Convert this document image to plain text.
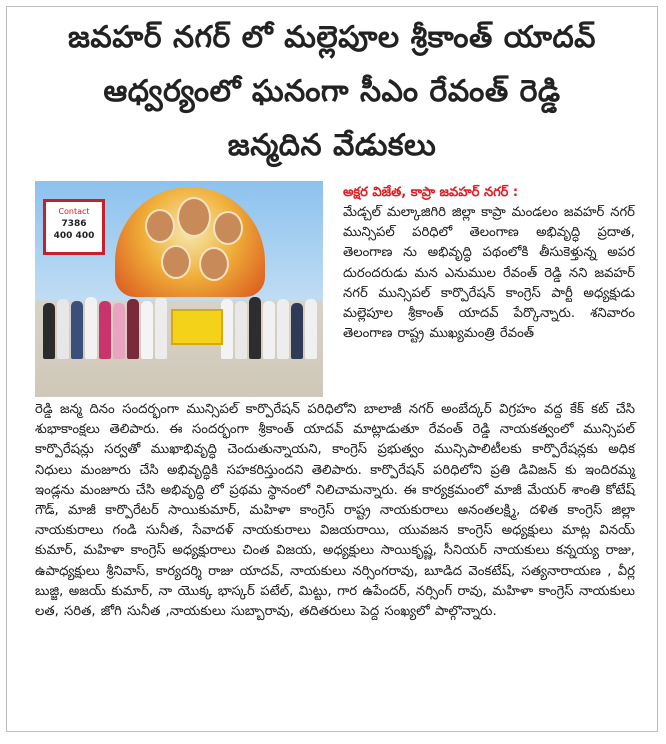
జవహర్ నగర్ లో మల్లెపూల శ్రీకాంత్ యాదవ్
ఆధ్వర్యంలో ఘనంగా సీఎం రేవంత్ రెడ్డి
జన్మదిన వేడుకలు
Contact
7386
400 400
అక్షర విజేత, కాప్రా జవహర్ నగర్ :
మేడ్చల్ మల్కాజిగిరి జిల్లా కాప్రా మండలం జవహర్ నగర్ మున్సిపల్ పరిధిలో తెలంగాణ అభివృద్ధి ప్రదాత, తెలంగాణ ను అభివృద్ధి పథంలోకి తీసుకెళ్తున్న అపర దురందరుడు మన ఎనుముల రేవంత్ రెడ్డి నని జవహర్ నగర్ మున్సిపల్ కార్పొరేషన్ కాంగ్రెస్ పార్టీ అధ్యక్షుడు మల్లెపూల శ్రీకాంత్ యాదవ్ పేర్కొన్నారు. శనివారం తెలంగాణ రాష్ట్ర ముఖ్యమంత్రి రేవంత్
రెడ్డి జన్మ దినం సందర్భంగా మున్సిపల్ కార్పొరేషన్ పరిధిలోని బాలాజీ నగర్ అంబేద్కర్ విగ్రహం వద్ద కేక్ కట్ చేసి శుభాకాంక్షలు తెలిపారు. ఈ సందర్భంగా శ్రీకాంత్ యాదవ్ మాట్లాడుతూ రేవంత్ రెడ్డి నాయకత్వంలో మున్సిపల్ కార్పొరేషన్లు సర్వతో ముఖాభివృద్ధి చెందుతున్నాయని, కాంగ్రెస్ ప్రభుత్వం మున్సిపాలిటీలకు కార్పొరేషన్లకు అధిక నిధులు మంజూరు చేసి అభివృద్ధికి సహకరిస్తుందని తెలిపారు. కార్పొరేషన్ పరిధిలోని ప్రతి డివిజన్ కు ఇందిరమ్మ ఇండ్లను మంజూరు చేసి అభివృద్ధి లో ప్రథమ స్థానంలో నిలిచామన్నారు. ఈ కార్యక్రమంలో మాజీ మేయర్ శాంతి కోటేష్ గౌడ్, మాజీ కార్పొరేటర్ సాయికుమార్, మహిళా కాంగ్రెస్ రాష్ట్ర నాయకురాలు అనంతలక్ష్మి, దళిత కాంగ్రెస్ జిల్లా నాయకురాలు గండి సునీత, సేవాదళ్ నాయకురాలు విజయరాయి, యువజన కాంగ్రెస్ అధ్యక్షులు మాట్ల వినయ్ కుమార్, మహిళా కాంగ్రెస్ అధ్యక్షురాలు చింత విజయ, అధ్యక్షులు సాయికృష్ణ, సీనియర్ నాయకులు కన్నయ్య రాజు, ఉపాధ్యక్షులు శ్రీనివాస్, కార్యదర్శి రాజు యాదవ్, నాయకులు నర్సింగరావు, బూడిద వెంకటేష్, సత్యనారాయణ , వీర్ల బుజ్జి, అజయ్ కుమార్, నా యొక్క భాస్కర్ పటేల్, మిట్టు, గార ఉపేందర్, నర్సింగ్ రావు, మహిళా కాంగ్రెస్ నాయకులు లత, సరిత, జోగి సునీత ,నాయకులు సుబ్బారావు, తదితరులు పెద్ద సంఖ్యలో పాల్గొన్నారు.
